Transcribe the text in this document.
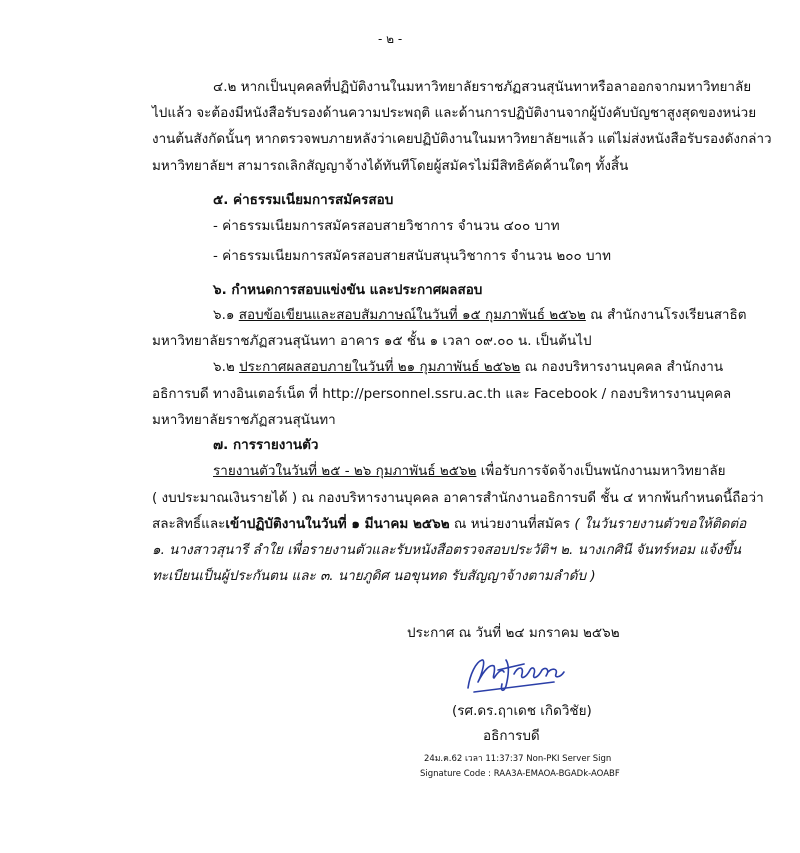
- ๒ -
๔.๒ หากเป็นบุคคลที่ปฏิบัติงานในมหาวิทยาลัยราชภัฏสวนสุนันทาหรือลาออกจากมหาวิทยาลัย
ไปแล้ว จะต้องมีหนังสือรับรองด้านความประพฤติ และด้านการปฏิบัติงานจากผู้บังคับบัญชาสูงสุดของหน่วย
งานต้นสังกัดนั้นๆ หากตรวจพบภายหลังว่าเคยปฏิบัติงานในมหาวิทยาลัยฯแล้ว แต่ไม่ส่งหนังสือรับรองดังกล่าว
มหาวิทยาลัยฯ สามารถเลิกสัญญาจ้างได้ทันทีโดยผู้สมัครไม่มีสิทธิคัดค้านใดๆ ทั้งสิ้น
๕. ค่าธรรมเนียมการสมัครสอบ
- ค่าธรรมเนียมการสมัครสอบสายวิชาการ จำนวน ๔๐๐ บาท
- ค่าธรรมเนียมการสมัครสอบสายสนับสนุนวิชาการ จำนวน ๒๐๐ บาท
๖. กำหนดการสอบแข่งขัน และประกาศผลสอบ
๖.๑ สอบข้อเขียนและสอบสัมภาษณ์ในวันที่ ๑๕ กุมภาพันธ์ ๒๕๖๒ ณ สำนักงานโรงเรียนสาธิต
มหาวิทยาลัยราชภัฏสวนสุนันทา อาคาร ๑๕ ชั้น ๑ เวลา ๐๙.๐๐ น. เป็นต้นไป
๖.๒ ประกาศผลสอบภายในวันที่ ๒๑ กุมภาพันธ์ ๒๕๖๒ ณ กองบริหารงานบุคคล สำนักงาน
อธิการบดี ทางอินเตอร์เน็ต ที่ http://personnel.ssru.ac.th และ Facebook / กองบริหารงานบุคคล
มหาวิทยาลัยราชภัฏสวนสุนันทา
๗. การรายงานตัว
รายงานตัวในวันที่ ๒๕ - ๒๖ กุมภาพันธ์ ๒๕๖๒ เพื่อรับการจัดจ้างเป็นพนักงานมหาวิทยาลัย
( งบประมาณเงินรายได้ ) ณ กองบริหารงานบุคคล อาคารสำนักงานอธิการบดี ชั้น ๔ หากพ้นกำหนดนี้ถือว่า
สละสิทธิ์และเข้าปฏิบัติงานในวันที่ ๑ มีนาคม ๒๕๖๒ ณ หน่วยงานที่สมัคร ( ในวันรายงานตัวขอให้ติดต่อ
๑. นางสาวสุนารี ลำใย เพื่อรายงานตัวและรับหนังสือตรวจสอบประวัติฯ ๒. นางเกศินี จันทร์หอม แจ้งขึ้น
ทะเบียนเป็นผู้ประกันตน และ ๓. นายภูดิศ นอขุนทด รับสัญญาจ้างตามลำดับ )
ประกาศ ณ วันที่ ๒๔ มกราคม ๒๕๖๒
(รศ.ดร.ฤาเดช เกิดวิชัย)
อธิการบดี
24ม.ค.62 เวลา 11:37:37 Non-PKI Server Sign
Signature Code : RAA3A-EMAOA-BGADk-AOABF
